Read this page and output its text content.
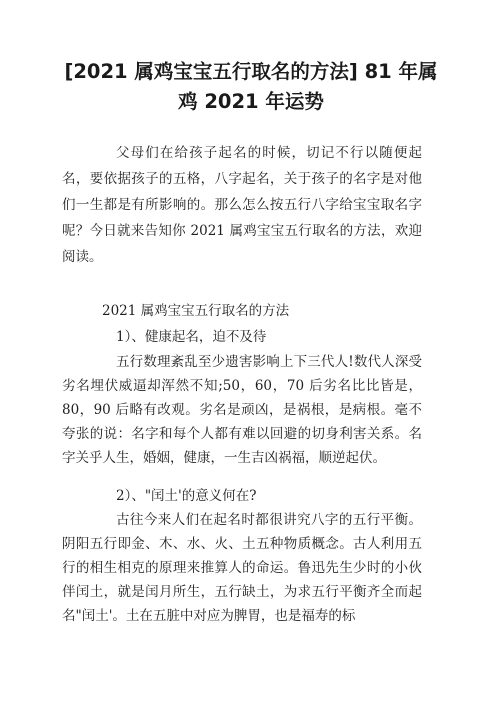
[2021 属鸡宝宝五行取名的方法] 81 年属鸡 2021 年运势

父母们在给孩子起名的时候，切记不行以随便起名，要依据孩子的五格，八字起名，关于孩子的名字是对他们一生都是有所影响的。那么怎么按五行八字给宝宝取名字呢？今日就来告知你 2021 属鸡宝宝五行取名的方法，欢迎阅读。

2021 属鸡宝宝五行取名的方法

1）、健康起名，迫不及待

五行数理紊乱至少遗害影响上下三代人!数代人深受劣名埋伏威逼却浑然不知;50，60，70 后劣名比比皆是，80，90 后略有改观。劣名是顽凶，是祸根，是病根。毫不夸张的说：名字和每个人都有难以回避的切身利害关系。名字关乎人生，婚姻，健康，一生吉凶祸福，顺逆起伏。

2）、"闰土'的意义何在?

古往今来人们在起名时都很讲究八字的五行平衡。阴阳五行即金、木、水、火、土五种物质概念。古人利用五行的相生相克的原理来推算人的命运。鲁迅先生少时的小伙伴闰土，就是闰月所生，五行缺土，为求五行平衡齐全而起名"闰土'。土在五脏中对应为脾胃，也是福寿的标
